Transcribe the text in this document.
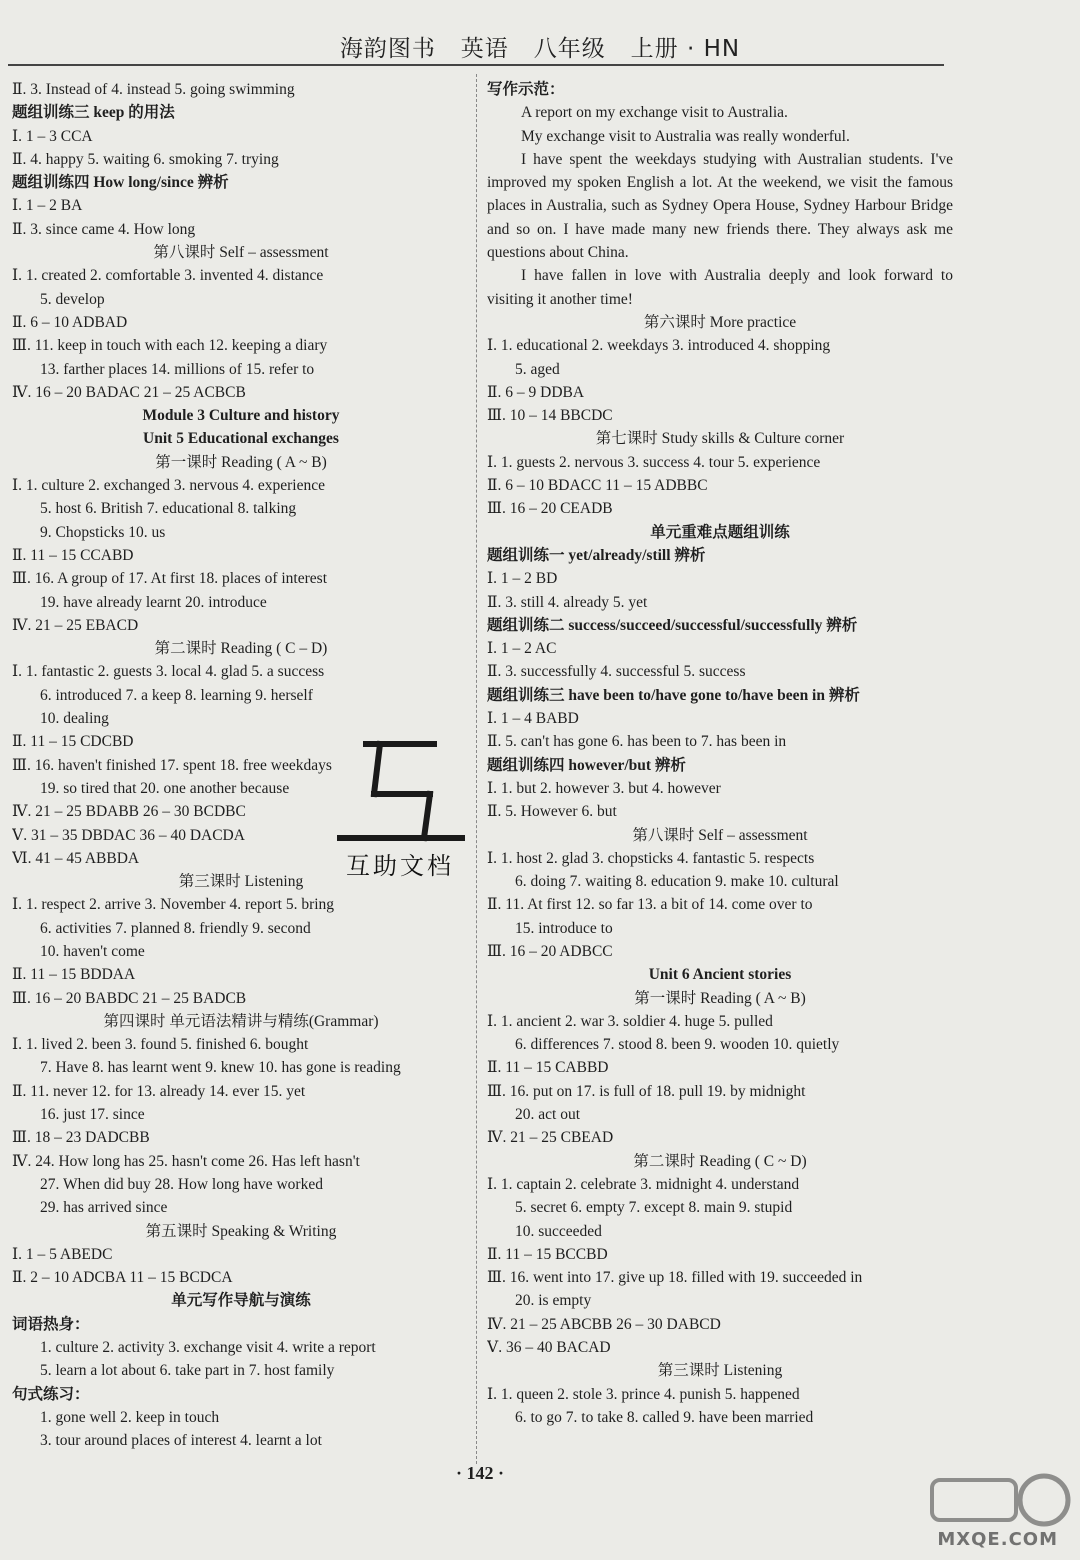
海韵图书   英语   八年级   上册 · HN
Ⅱ. 3. Instead of 4. instead 5. going swimming
题组训练三 keep 的用法
Ⅰ. 1 – 3 CCA
Ⅱ. 4. happy 5. waiting 6. smoking 7. trying
题组训练四 How long/since 辨析
Ⅰ. 1 – 2 BA
Ⅱ. 3. since came 4. How long
第八课时 Self – assessment
Ⅰ. 1. created 2. comfortable 3. invented 4. distance
5. develop
Ⅱ. 6 – 10 ADBAD
Ⅲ. 11. keep in touch with each 12. keeping a diary
13. farther places 14. millions of 15. refer to
Ⅳ. 16 – 20 BADAC 21 – 25 ACBCB
Module 3 Culture and history
Unit 5 Educational exchanges
第一课时 Reading ( A ~ B)
Ⅰ. 1. culture 2. exchanged 3. nervous 4. experience
5. host 6. British 7. educational 8. talking
9. Chopsticks 10. us
Ⅱ. 11 – 15 CCABD
Ⅲ. 16. A group of 17. At first 18. places of interest
19. have already learnt 20. introduce
Ⅳ. 21 – 25 EBACD
第二课时 Reading ( C – D)
Ⅰ. 1. fantastic 2. guests 3. local 4. glad 5. a success
6. introduced 7. a keep 8. learning 9. herself
10. dealing
Ⅱ. 11 – 15 CDCBD
Ⅲ. 16. haven't finished 17. spent 18. free weekdays
19. so tired that 20. one another because
Ⅳ. 21 – 25 BDABB 26 – 30 BCDBC
Ⅴ. 31 – 35 DBDAC 36 – 40 DACDA
Ⅵ. 41 – 45 ABBDA
第三课时 Listening
Ⅰ. 1. respect 2. arrive 3. November 4. report 5. bring
6. activities 7. planned 8. friendly 9. second
10. haven't come
Ⅱ. 11 – 15 BDDAA
Ⅲ. 16 – 20 BABDC 21 – 25 BADCB
第四课时 单元语法精讲与精练(Grammar)
Ⅰ. 1. lived 2. been 3. found 5. finished 6. bought
7. Have 8. has learnt went 9. knew 10. has gone is reading
Ⅱ. 11. never 12. for 13. already 14. ever 15. yet
16. just 17. since
Ⅲ. 18 – 23 DADCBB
Ⅳ. 24. How long has 25. hasn't come 26. Has left hasn't
27. When did buy 28. How long have worked
29. has arrived since
第五课时 Speaking & Writing
Ⅰ. 1 – 5 ABEDC
Ⅱ. 2 – 10 ADCBA 11 – 15 BCDCA
单元写作导航与演练
词语热身：
1. culture 2. activity 3. exchange visit 4. write a report
5. learn a lot about 6. take part in 7. host family
句式练习：
1. gone well 2. keep in touch
3. tour around places of interest 4. learnt a lot
写作示范：
A report on my exchange visit to Australia.
My exchange visit to Australia was really wonderful.

I have spent the weekdays studying with Australian students. I've improved my spoken English a lot. At the weekend, we visit the famous places in Australia, such as Sydney Opera House, Sydney Harbour Bridge and so on. I have made many new friends there. They always ask me questions about China.

I have fallen in love with Australia deeply and look forward to visiting it another time!

第六课时 More practice
Ⅰ. 1. educational 2. weekdays 3. introduced 4. shopping
5. aged
Ⅱ. 6 – 9 DDBA
Ⅲ. 10 – 14 BBCDC
第七课时 Study skills & Culture corner
Ⅰ. 1. guests 2. nervous 3. success 4. tour 5. experience
Ⅱ. 6 – 10 BDACC 11 – 15 ADBBC
Ⅲ. 16 – 20 CEADB
单元重难点题组训练
题组训练一 yet/already/still 辨析
Ⅰ. 1 – 2 BD
Ⅱ. 3. still 4. already 5. yet
题组训练二 success/succeed/successful/successfully 辨析
Ⅰ. 1 – 2 AC
Ⅱ. 3. successfully 4. successful 5. success
题组训练三 have been to/have gone to/have been in 辨析
Ⅰ. 1 – 4 BABD
Ⅱ. 5. can't has gone 6. has been to 7. has been in
题组训练四 however/but 辨析
Ⅰ. 1. but 2. however 3. but 4. however
Ⅱ. 5. However 6. but
第八课时 Self – assessment
Ⅰ. 1. host 2. glad 3. chopsticks 4. fantastic 5. respects
6. doing 7. waiting 8. education 9. make 10. cultural
Ⅱ. 11. At first 12. so far 13. a bit of 14. come over to
15. introduce to
Ⅲ. 16 – 20 ADBCC
Unit 6 Ancient stories
第一课时 Reading ( A ~ B)
Ⅰ. 1. ancient 2. war 3. soldier 4. huge 5. pulled
6. differences 7. stood 8. been 9. wooden 10. quietly
Ⅱ. 11 – 15 CABBD
Ⅲ. 16. put on 17. is full of 18. pull 19. by midnight
20. act out
Ⅳ. 21 – 25 CBEAD
第二课时 Reading ( C ~ D)
Ⅰ. 1. captain 2. celebrate 3. midnight 4. understand
5. secret 6. empty 7. except 8. main 9. stupid
10. succeeded
Ⅱ. 11 – 15 BCCBD
Ⅲ. 16. went into 17. give up 18. filled with 19. succeeded in
20. is empty
Ⅳ. 21 – 25 ABCBB 26 – 30 DABCD
Ⅴ. 36 – 40 BACAD
第三课时 Listening
Ⅰ. 1. queen 2. stole 3. prince 4. punish 5. happened
6. to go 7. to take 8. called 9. have been married
互助文档
· 142 ·
MXQE.COM
